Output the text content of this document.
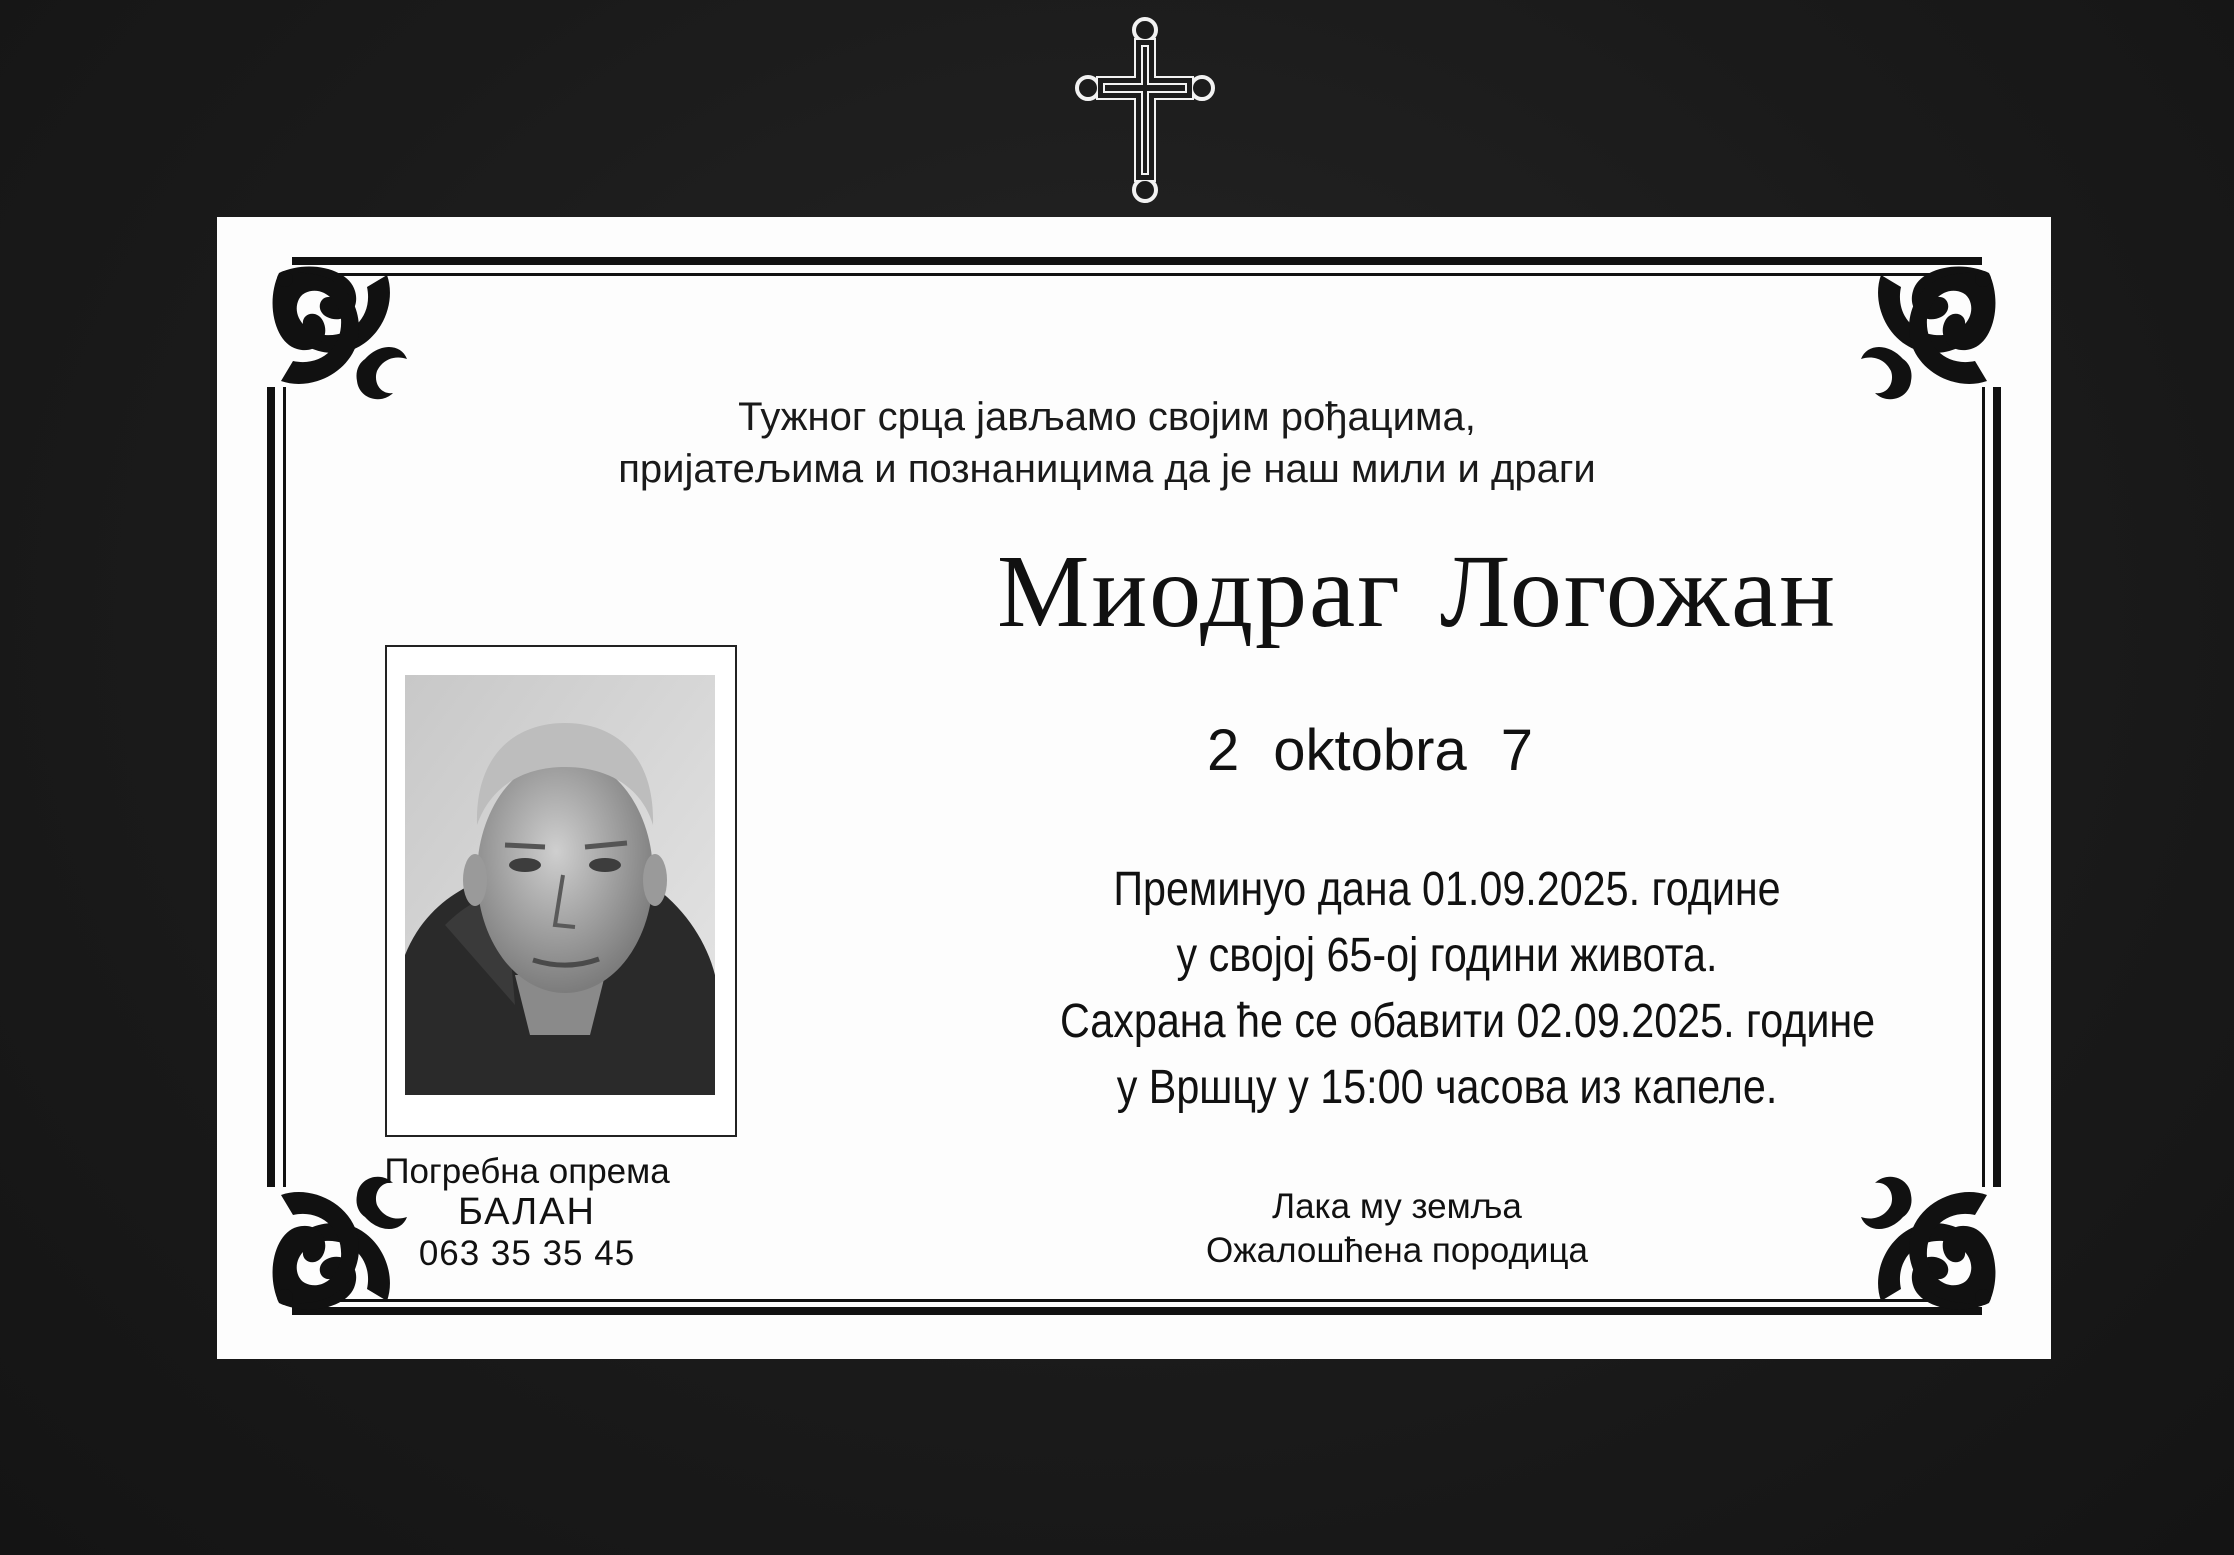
Тужног срца јављамо својим рођацима,
пријатељима и познаницима да је наш мили и драги
Миодраг Логожан
2 oktobra 7
Преминуо дана 01.09.2025. године
у својој 65-ој години живота.
Сахрана ће се обавити 02.09.2025. године
у Вршцу у 15:00 часова из капеле.
Погребна опрема
БАЛАН
063 35 35 45
Лака му земља
Ожалошћена породица
